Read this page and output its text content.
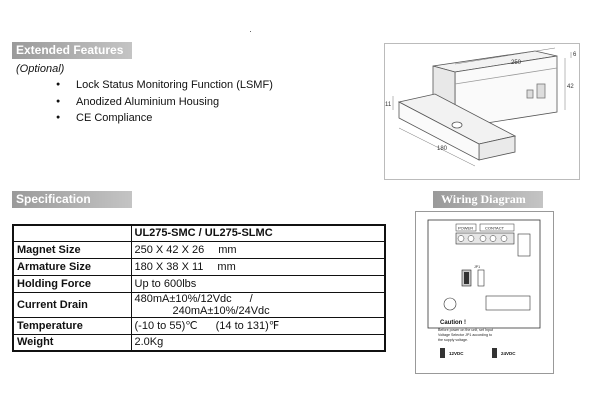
Extended Features
(Optional)
● Lock Status Monitoring Function (LSMF)
● Anodized Aluminium Housing
● CE Compliance
250
42
11
180
6
Specification
	UL275-SMC / UL275-SLMC
Magnet Size	250 X 42 X 26 mm
Armature Size	180 X 38 X 11 mm
Holding Force	Up to 600lbs
Current Drain	480mA±10%/12Vdc /240mA±10%/24Vdc
Temperature	(-10 to 55)℃ (14 to 131)℉
Weight	2.0Kg
Wiring Diagram
POWER	CONTACT
JP1
Caution !
Before power on the unit, set Input
Voltage Selector JP1 according to
the supply voltage.
12VDC	24VDC
